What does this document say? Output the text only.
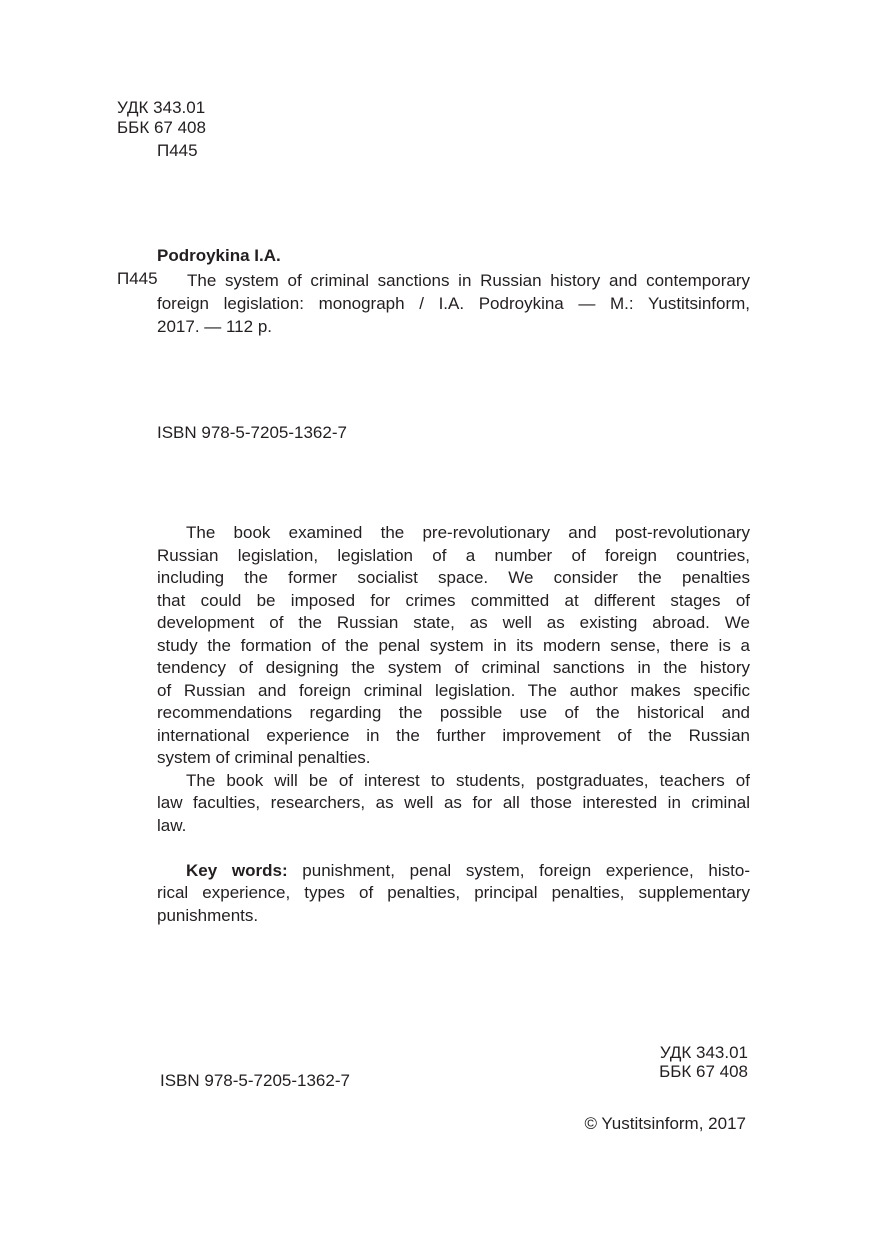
УДК 343.01
ББК 67 408
П445
Podroykina I.A.
П445	The system of criminal sanctions in Russian history and contemporary
foreign legislation: monograph / I.A. Podroykina — M.: Yustitsinform,
2017. — 112 p.
ISBN 978-5-7205-1362-7
The book examined the pre-revolutionary and post-revolutionary
Russian legislation, legislation of a number of foreign countries,
including the former socialist space. We consider the penalties
that could be imposed for crimes committed at different stages of
development of the Russian state, as well as existing abroad. We
study the formation of the penal system in its modern sense, there is a
tendency of designing the system of criminal sanctions in the history
of Russian and foreign criminal legislation. The author makes specific
recommendations regarding the possible use of the historical and
international experience in the further improvement of the Russian
system of criminal penalties.
The book will be of interest to students, postgraduates, teachers of
law faculties, researchers, as well as for all those interested in criminal
law.
Key words: punishment, penal system, foreign experience, histo-
rical experience, types of penalties, principal penalties, supplementary
punishments.
УДК 343.01
ББК 67 408
ISBN 978-5-7205-1362-7
© Yustitsinform, 2017
